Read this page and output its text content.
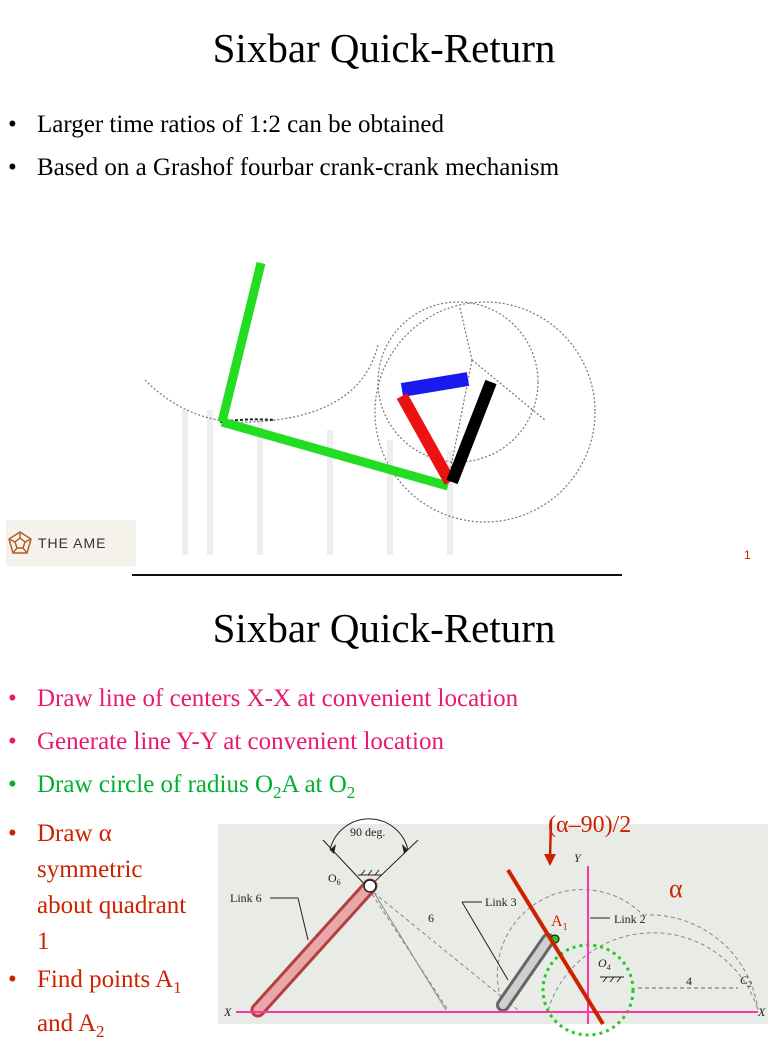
Sixbar Quick-Return
• Larger time ratios of 1:2 can be obtained
• Based on a Grashof fourbar crank-crank mechanism
THE AME
1
Sixbar Quick-Return
• Draw line of centers X-X at convenient location
• Generate line Y-Y at convenient location
• Draw circle of radius $O_2A$ at $O_2$
• Draw α symmetric about quadrant 1
• Find points $A_1$ and $A_2$
90 deg.
$O_6$
Link 6
6
Link 3
$A_1$
Link 2
$O_4$
4	$C_2$
Y
X	X
(α–90)/2
α
